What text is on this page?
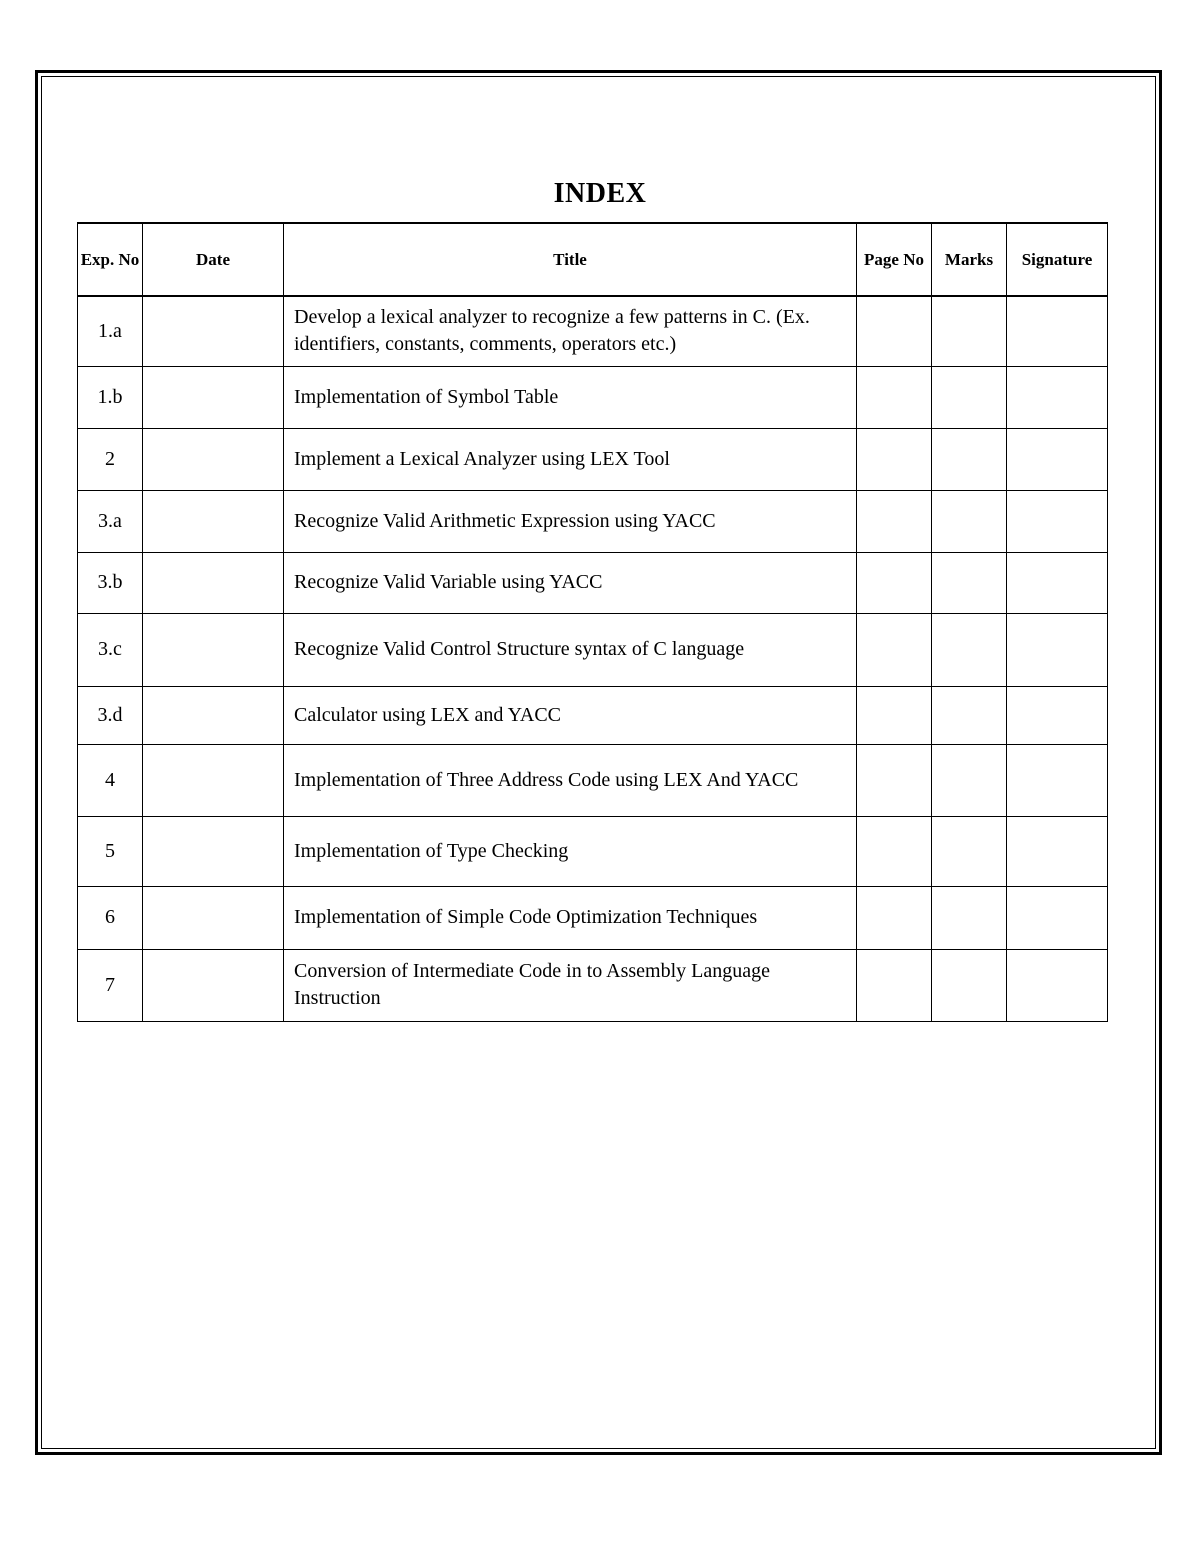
INDEX
Exp. No	Date	Title	Page No	Marks	Signature
1.a		Develop a lexical analyzer to recognize a few patterns in C. (Ex. identifiers, constants, comments, operators etc.)			
1.b		Implementation of Symbol Table			
2		Implement a Lexical Analyzer using LEX Tool			
3.a		Recognize Valid Arithmetic Expression using YACC			
3.b		Recognize Valid Variable using YACC			
3.c		Recognize Valid Control Structure syntax of C language			
3.d		Calculator using LEX and YACC			
4		Implementation of Three Address Code using LEX And YACC			
5		Implementation of Type Checking			
6		Implementation of Simple Code Optimization Techniques			
7		Conversion of Intermediate Code in to Assembly Language Instruction			
